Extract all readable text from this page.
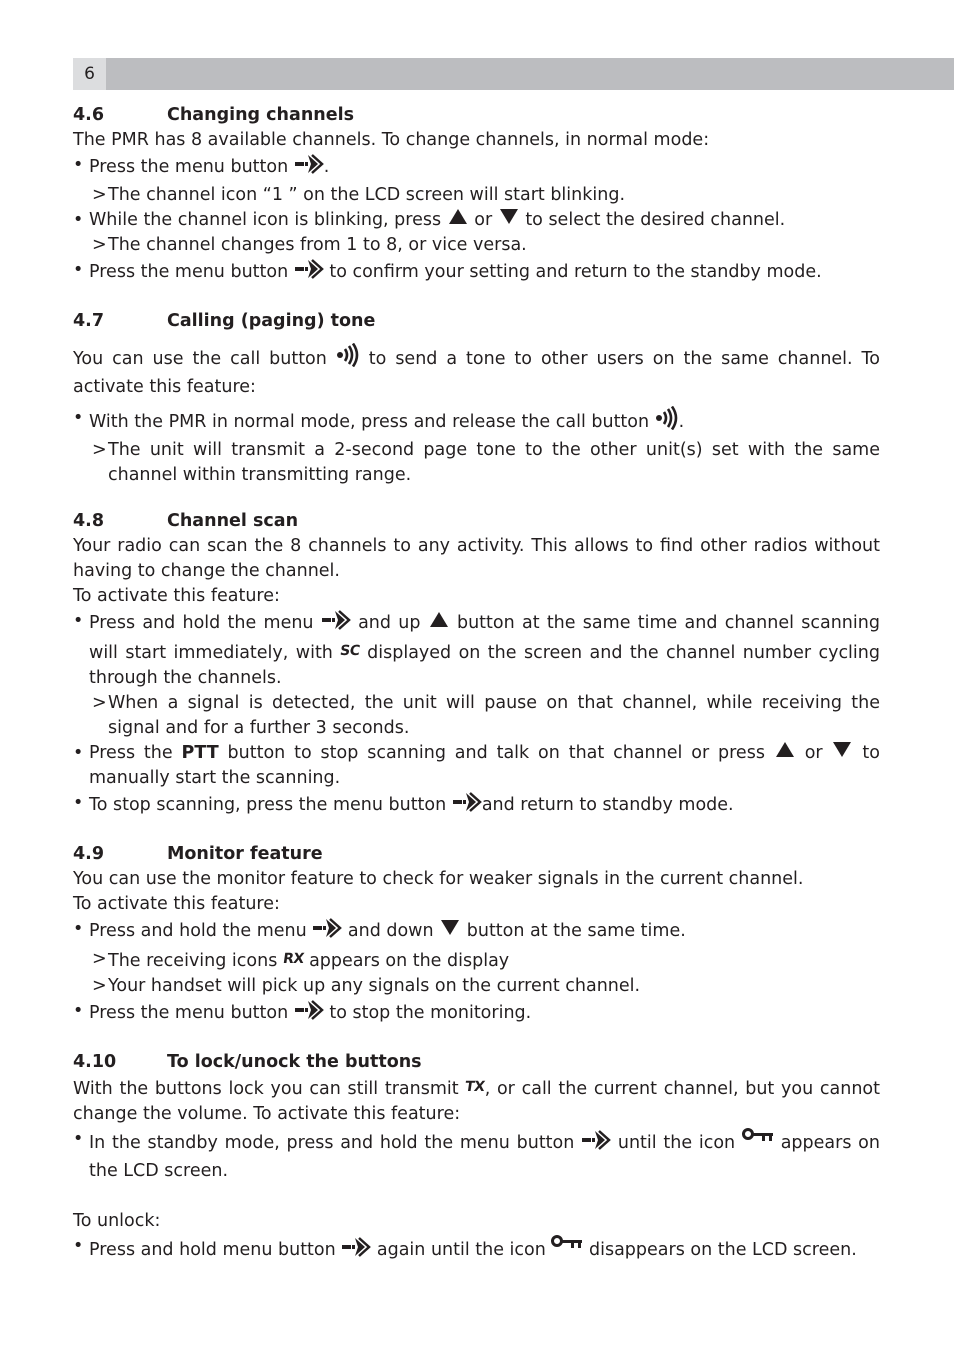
6
4.6	Changing channels

The PMR has 8 available channels. To change channels, in normal mode:

• Press the menu button .

> The channel icon “1 ” on the LCD screen will start blinking.

• While the channel icon is blinking, press or to select the desired channel.

> The channel changes from 1 to 8, or vice versa.

• Press the menu button to confirm your setting and return to the standby mode.

4.7	Calling (paging) tone

You can use the call button to send a tone to other users on the same channel. To activate this feature:

• With the PMR in normal mode, press and release the call button .

> The unit will transmit a 2-second page tone to the other unit(s) set with the same channel within transmitting range.

4.8	Channel scan

Your radio can scan the 8 channels to any activity. This allows to find other radios without having to change the channel.

To activate this feature:

• Press and hold the menu	and up button at the same time and channel scanning will start immediately, with SC displayed on the screen and the channel number cycling through the channels.

> When a signal is detected, the unit will pause on that channel, while receiving the signal and for a further 3 seconds.

• Press the PTT button to stop scanning and talk on that channel or press or to manually start the scanning.

• To stop scanning, press the menu button and return to standby mode.

4.9	Monitor feature

You can use the monitor feature to check for weaker signals in the current channel.

To activate this feature:

• Press and hold the menu and down button at the same time.

> The receiving icons RX appears on the display

> Your handset will pick up any signals on the current channel.

• Press the menu button to stop the monitoring.

4.10	To lock/unock the buttons

With the buttons lock you can still transmit TX, or call the current channel, but you cannot change the volume. To activate this feature:

• In the standby mode, press and hold the menu button until the icon	appears on the LCD screen.

To unlock:

• Press and hold menu button again until the icon disappears on the LCD screen.
